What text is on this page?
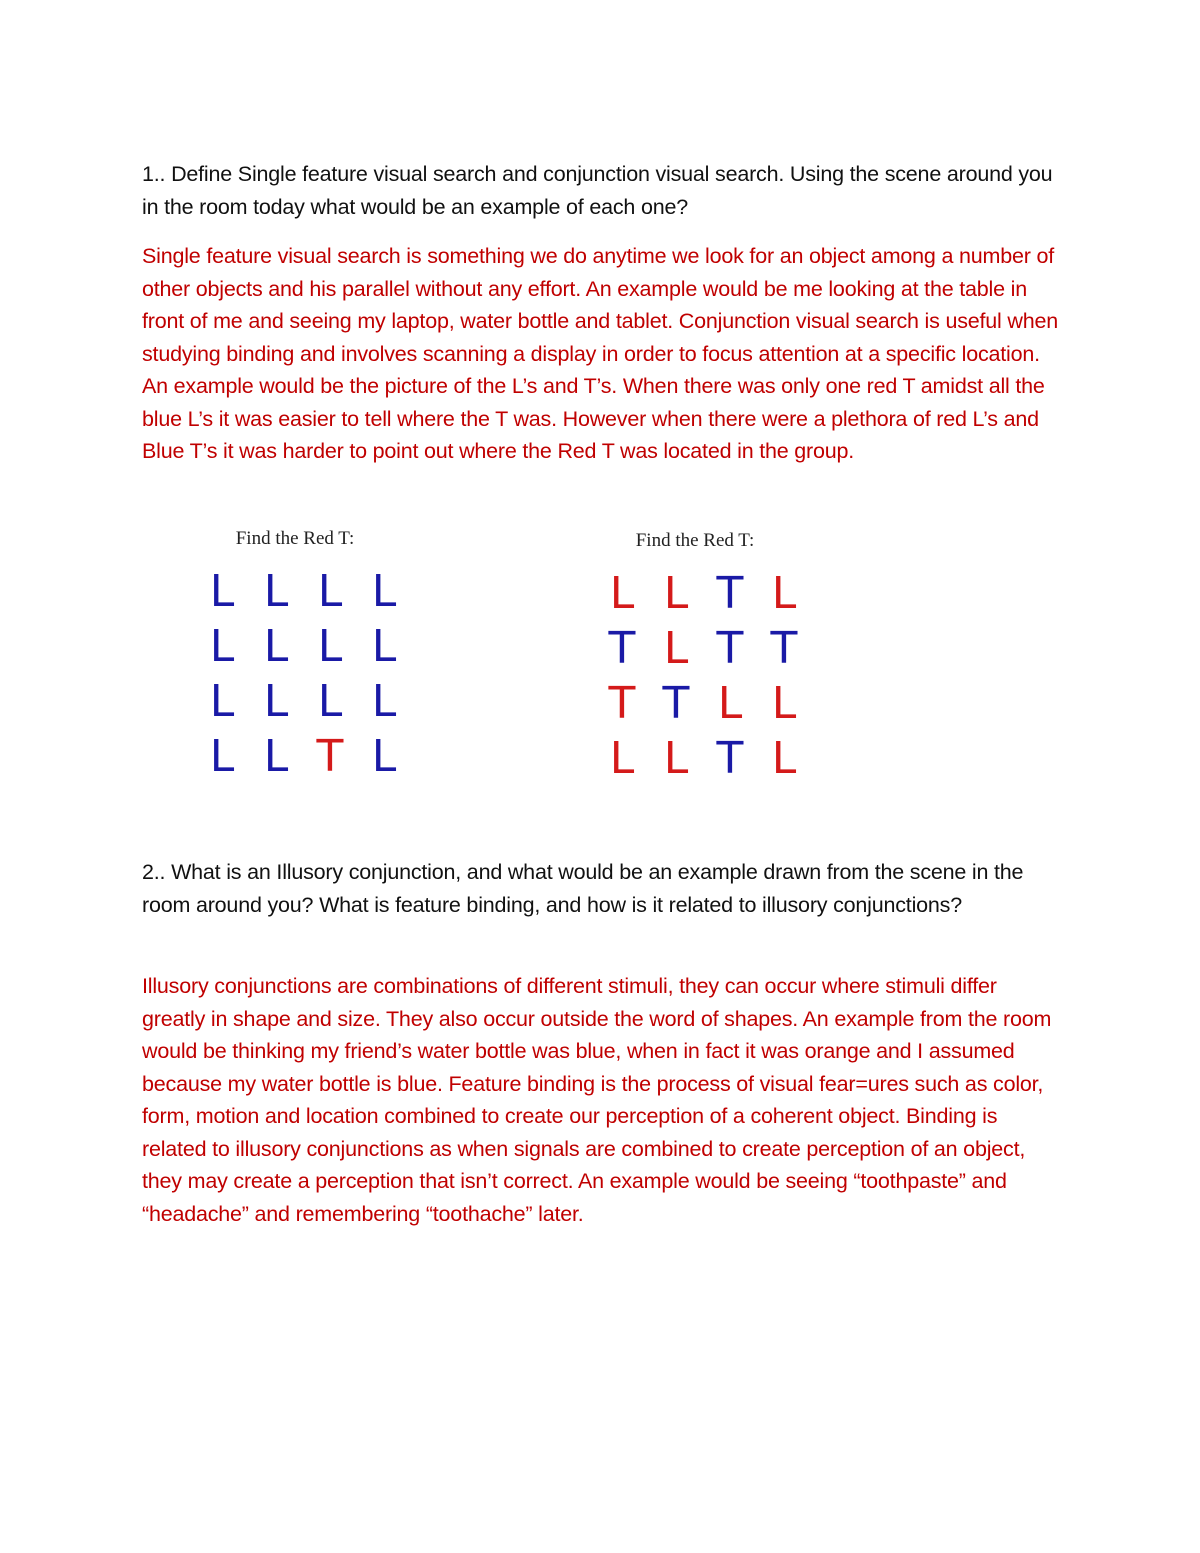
1.. Define Single feature visual search and conjunction visual search. Using the scene around you in the room today what would be an example of each one?

Single feature visual search is something we do anytime we look for an object among a number of other objects and his parallel without any effort. An example would be me looking at the table in front of me and seeing my laptop, water bottle and tablet. Conjunction visual search is useful when studying binding and involves scanning a display in order to focus attention at a specific location. An example would be the picture of the L’s and T’s. When there was only one red T amidst all the blue L’s it was easier to tell where the T was. However when there were a plethora of red L’s and Blue T’s it was harder to point out where the Red T was located in the group.

Find the Red T:
L L L L
L L L L
L L L L
L L T L
Find the Red T:
L L T L
T L T T
T T L L
L L T L

2.. What is an Illusory conjunction, and what would be an example drawn from the scene in the room around you? What is feature binding, and how is it related to illusory conjunctions?

Illusory conjunctions are combinations of different stimuli, they can occur where stimuli differ greatly in shape and size. They also occur outside the word of shapes. An example from the room would be thinking my friend’s water bottle was blue, when in fact it was orange and I assumed because my water bottle is blue. Feature binding is the process of visual fear=ures such as color, form, motion and location combined to create our perception of a coherent object. Binding is related to illusory conjunctions as when signals are combined to create perception of an object, they may create a perception that isn’t correct. An example would be seeing “toothpaste” and “headache” and remembering “toothache” later.
